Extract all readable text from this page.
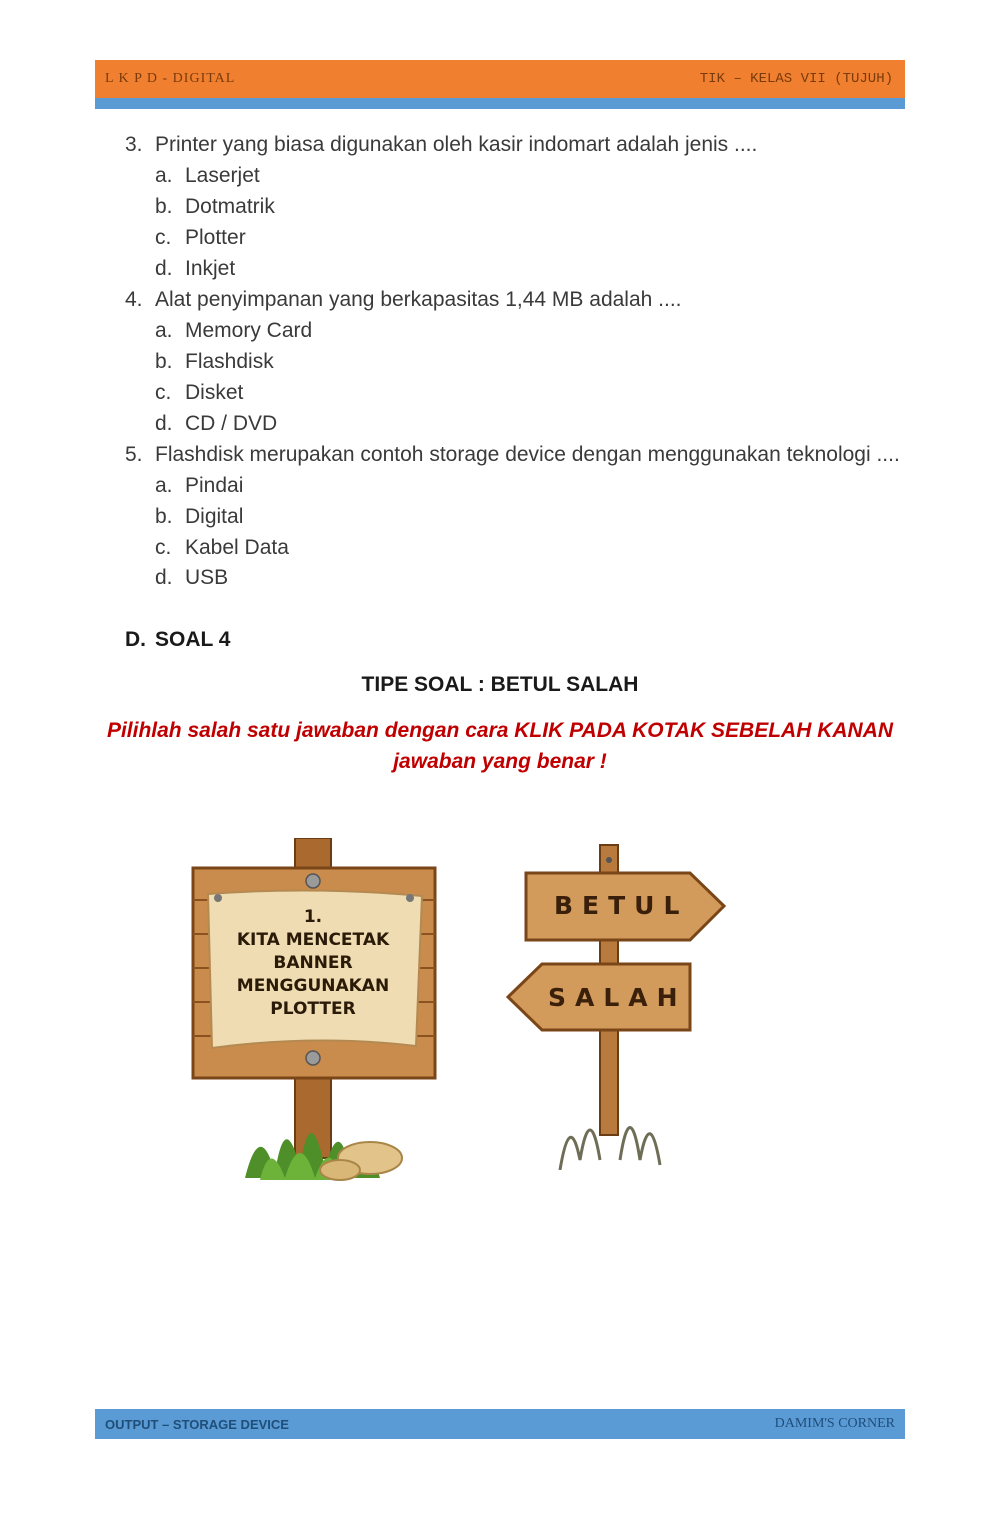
L K P D - DIGITAL	TIK – KELAS VII (TUJUH)
3. Printer yang biasa digunakan oleh kasir indomart adalah jenis ....
a. Laserjet
b. Dotmatrik
c. Plotter
d. Inkjet
4. Alat penyimpanan yang berkapasitas 1,44 MB adalah ....
a. Memory Card
b. Flashdisk
c. Disket
d. CD / DVD
5. Flashdisk merupakan contoh storage device dengan menggunakan teknologi ....
a. Pindai
b. Digital
c. Kabel Data
d. USB
D. SOAL 4
TIPE SOAL : BETUL SALAH
Pilihlah salah satu jawaban dengan cara KLIK PADA KOTAK SEBELAH KANAN
jawaban yang benar !
1.
KITA MENCETAK
BANNER
MENGGUNAKAN
PLOTTER
BETUL
SALAH
OUTPUT – STORAGE DEVICE	DAMIM'S CORNER
